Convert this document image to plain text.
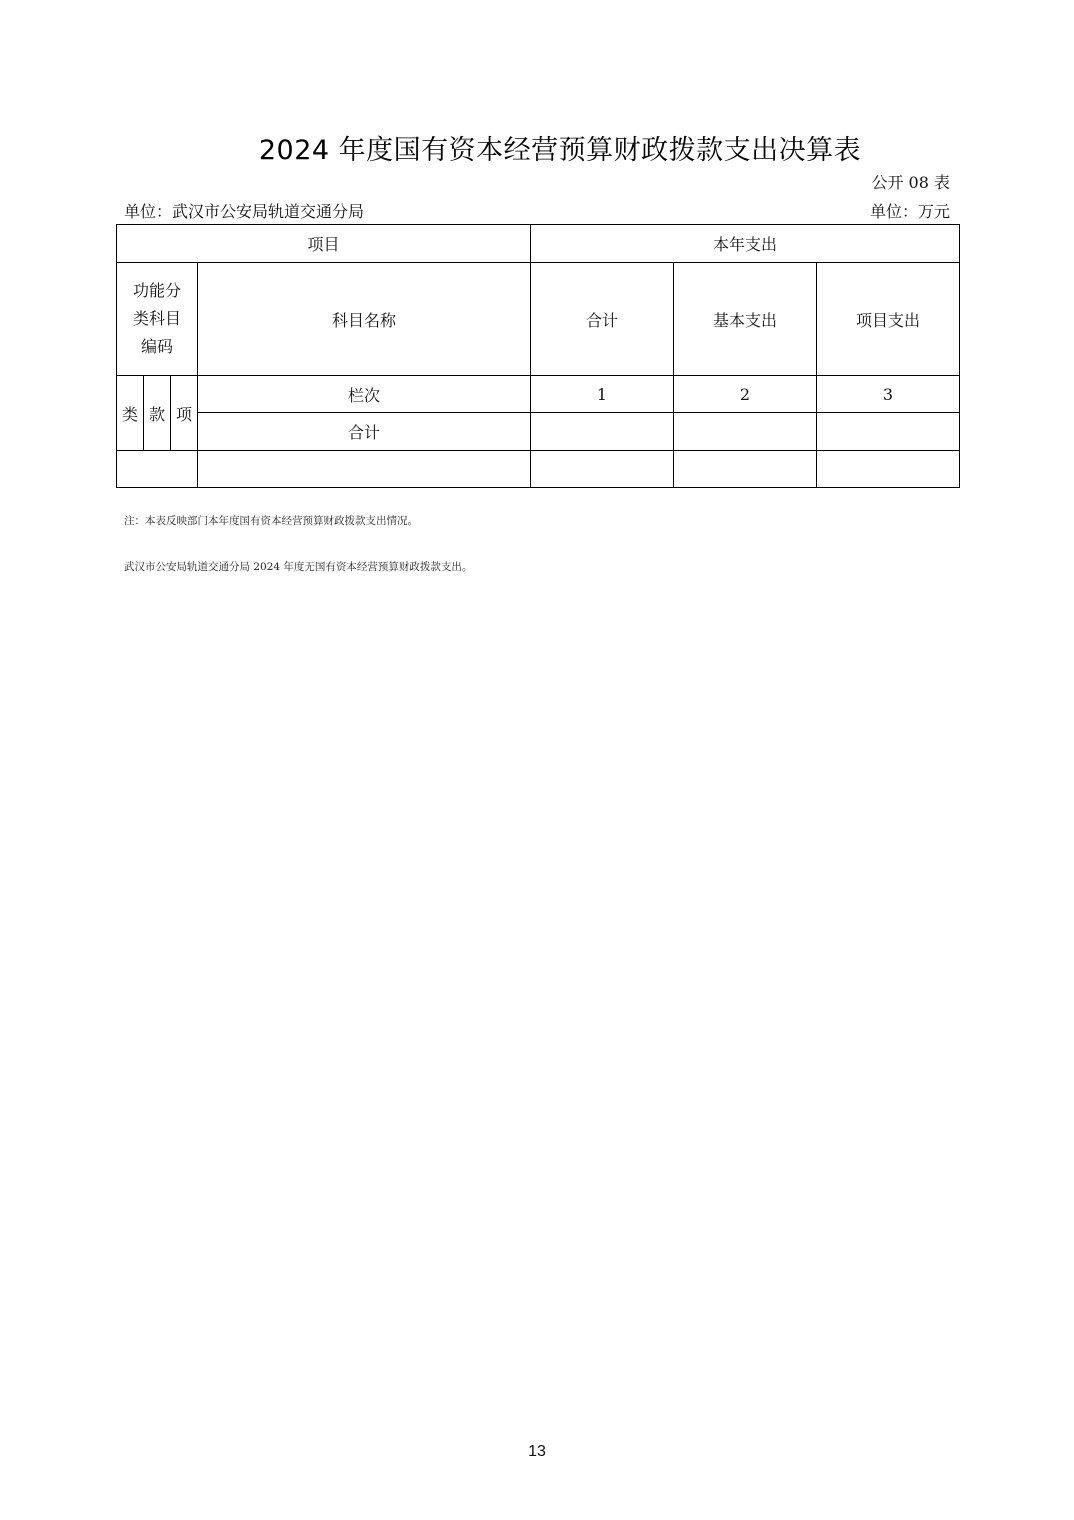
2024 年度国有资本经营预算财政拨款支出决算表
公开 08 表
单位：武汉市公安局轨道交通分局	单位：万元
项目				本年支出		

功能分
类科目
编码			科目名称	合计	基本支出	项目支出
类	款	项	栏次	1	2	3
			合计			

注：本表反映部门本年度国有资本经营预算财政拨款支出情况。
武汉市公安局轨道交通分局 2024 年度无国有资本经营预算财政拨款支出。
13
